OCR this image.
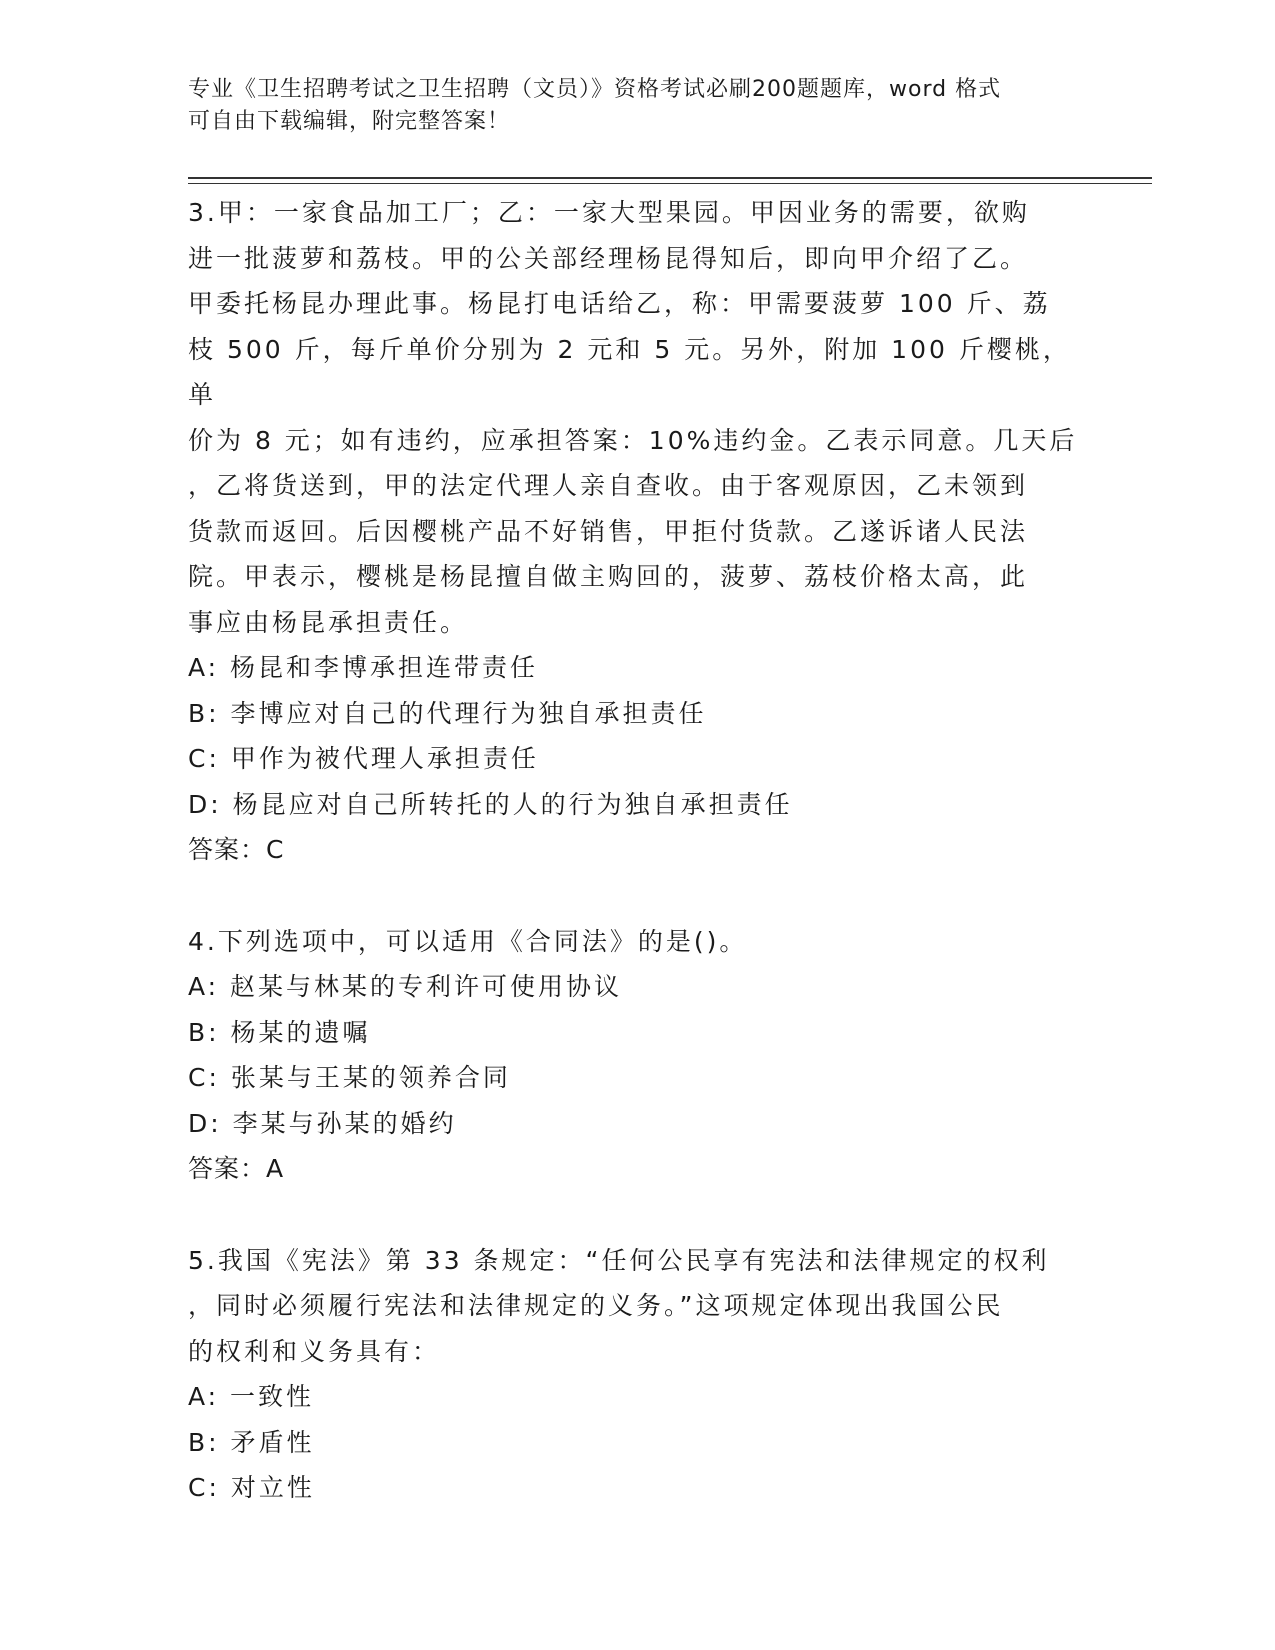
专业《卫生招聘考试之卫生招聘（文员）》资格考试必刷200题题库，word 格式
可自由下载编辑，附完整答案！
3.甲：一家食品加工厂；乙：一家大型果园。甲因业务的需要，欲购
进一批菠萝和荔枝。甲的公关部经理杨昆得知后，即向甲介绍了乙。
甲委托杨昆办理此事。杨昆打电话给乙，称：甲需要菠萝 100 斤、荔
枝 500 斤，每斤单价分别为 2 元和 5 元。另外，附加 100 斤樱桃，单
价为 8 元；如有违约，应承担答案：10%违约金。乙表示同意。几天后
，乙将货送到，甲的法定代理人亲自查收。由于客观原因，乙未领到
货款而返回。后因樱桃产品不好销售，甲拒付货款。乙遂诉诸人民法
院。甲表示，樱桃是杨昆擅自做主购回的，菠萝、荔枝价格太高，此
事应由杨昆承担责任。
A: 杨昆和李博承担连带责任
B: 李博应对自己的代理行为独自承担责任
C: 甲作为被代理人承担责任
D: 杨昆应对自己所转托的人的行为独自承担责任
答案：C
4.下列选项中，可以适用《合同法》的是()。
A: 赵某与林某的专利许可使用协议
B: 杨某的遗嘱
C: 张某与王某的领养合同
D: 李某与孙某的婚约
答案：A
5.我国《宪法》第 33 条规定：“任何公民享有宪法和法律规定的权利
，同时必须履行宪法和法律规定的义务。”这项规定体现出我国公民
的权利和义务具有：
A: 一致性
B: 矛盾性
C: 对立性
